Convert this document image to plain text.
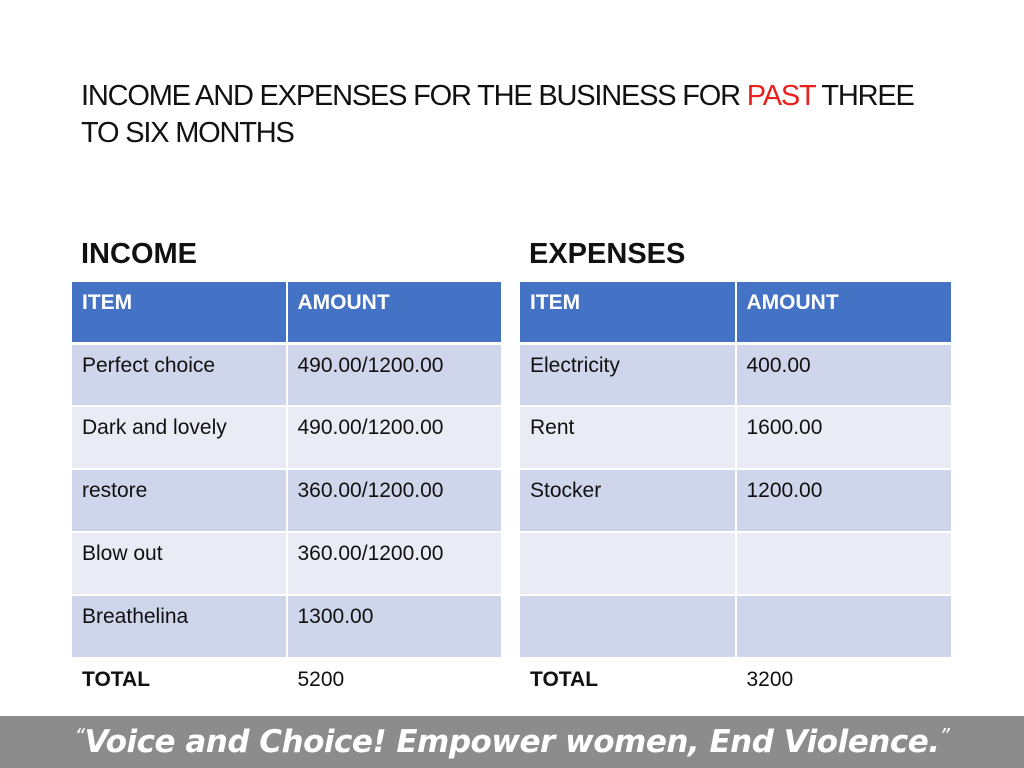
INCOME AND EXPENSES FOR THE BUSINESS FOR PAST THREE TO SIX MONTHS
INCOME	EXPENSES
ITEM	AMOUNT
Perfect choice	490.00/1200.00
Dark and lovely	490.00/1200.00
restore	360.00/1200.00
Blow out	360.00/1200.00
Breathelina	1300.00
TOTAL	5200
ITEM	AMOUNT
Electricity	400.00
Rent	1600.00
Stocker	1200.00

TOTAL	3200
“Voice and Choice! Empower women, End Violence.”
